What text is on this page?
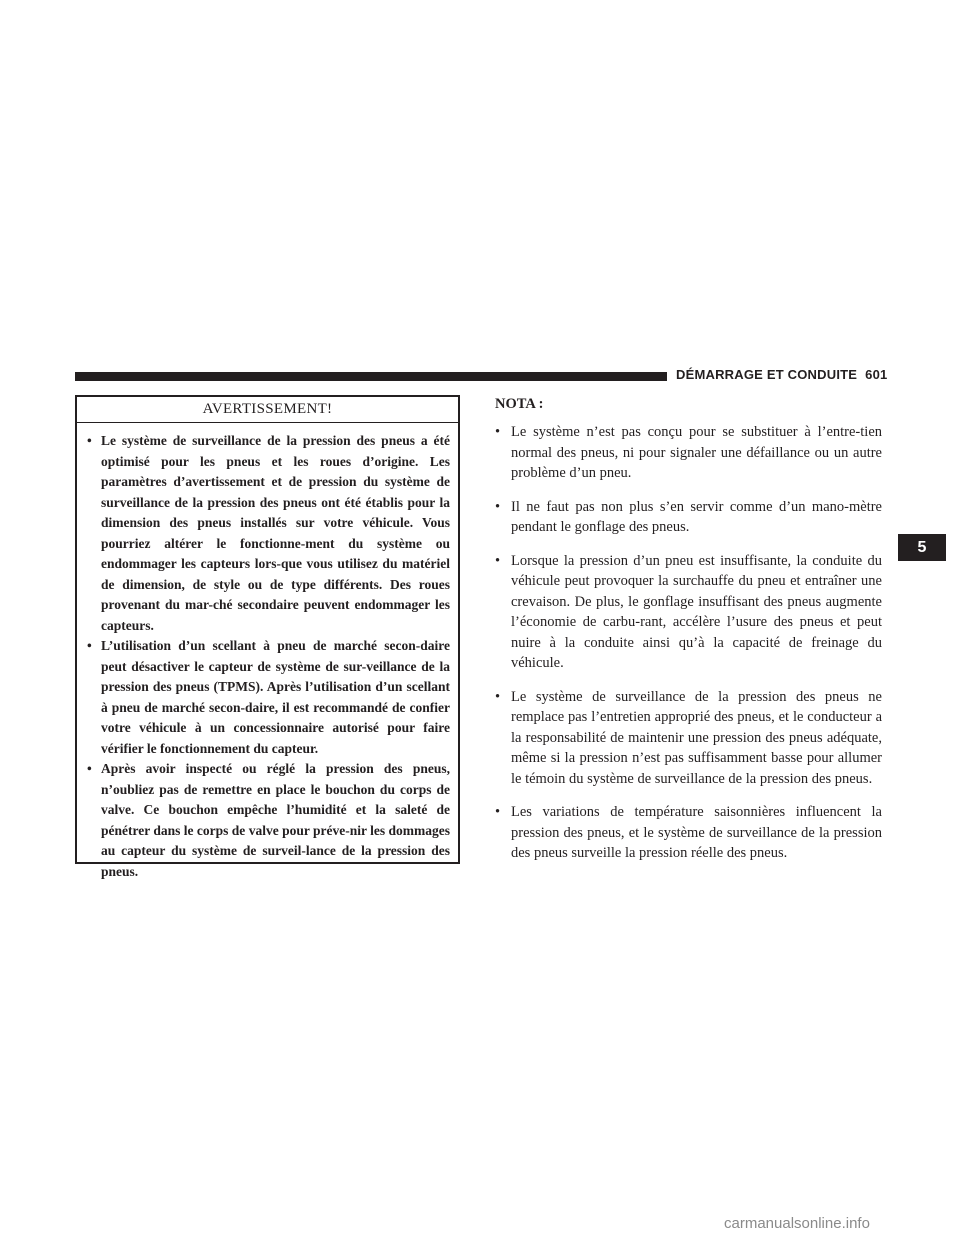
DÉMARRAGE ET CONDUITE 601
5
AVERTISSEMENT!
• Le système de surveillance de la pression des pneus a été optimisé pour les pneus et les roues d’origine. Les paramètres d’avertissement et de pression du système de surveillance de la pression des pneus ont été établis pour la dimension des pneus installés sur votre véhicule. Vous pourriez altérer le fonctionne-ment du système ou endommager les capteurs lors-que vous utilisez du matériel de dimension, de style ou de type différents. Des roues provenant du mar-ché secondaire peuvent endommager les capteurs.
• L’utilisation d’un scellant à pneu de marché secon-daire peut désactiver le capteur de système de sur-veillance de la pression des pneus (TPMS). Après l’utilisation d’un scellant à pneu de marché secon-daire, il est recommandé de confier votre véhicule à un concessionnaire autorisé pour faire vérifier le fonctionnement du capteur.
• Après avoir inspecté ou réglé la pression des pneus, n’oubliez pas de remettre en place le bouchon du corps de valve. Ce bouchon empêche l’humidité et la saleté de pénétrer dans le corps de valve pour préve-nir les dommages au capteur du système de surveil-lance de la pression des pneus.
NOTA :
• Le système n’est pas conçu pour se substituer à l’entre-tien normal des pneus, ni pour signaler une défaillance ou un autre problème d’un pneu.
• Il ne faut pas non plus s’en servir comme d’un mano-mètre pendant le gonflage des pneus.
• Lorsque la pression d’un pneu est insuffisante, la conduite du véhicule peut provoquer la surchauffe du pneu et entraîner une crevaison. De plus, le gonflage insuffisant des pneus augmente l’économie de carbu-rant, accélère l’usure des pneus et peut nuire à la conduite ainsi qu’à la capacité de freinage du véhicule.
• Le système de surveillance de la pression des pneus ne remplace pas l’entretien approprié des pneus, et le conducteur a la responsabilité de maintenir une pression des pneus adéquate, même si la pression n’est pas suffisamment basse pour allumer le témoin du système de surveillance de la pression des pneus.
• Les variations de température saisonnières influencent la pression des pneus, et le système de surveillance de la pression des pneus surveille la pression réelle des pneus.
carmanualsonline.info
